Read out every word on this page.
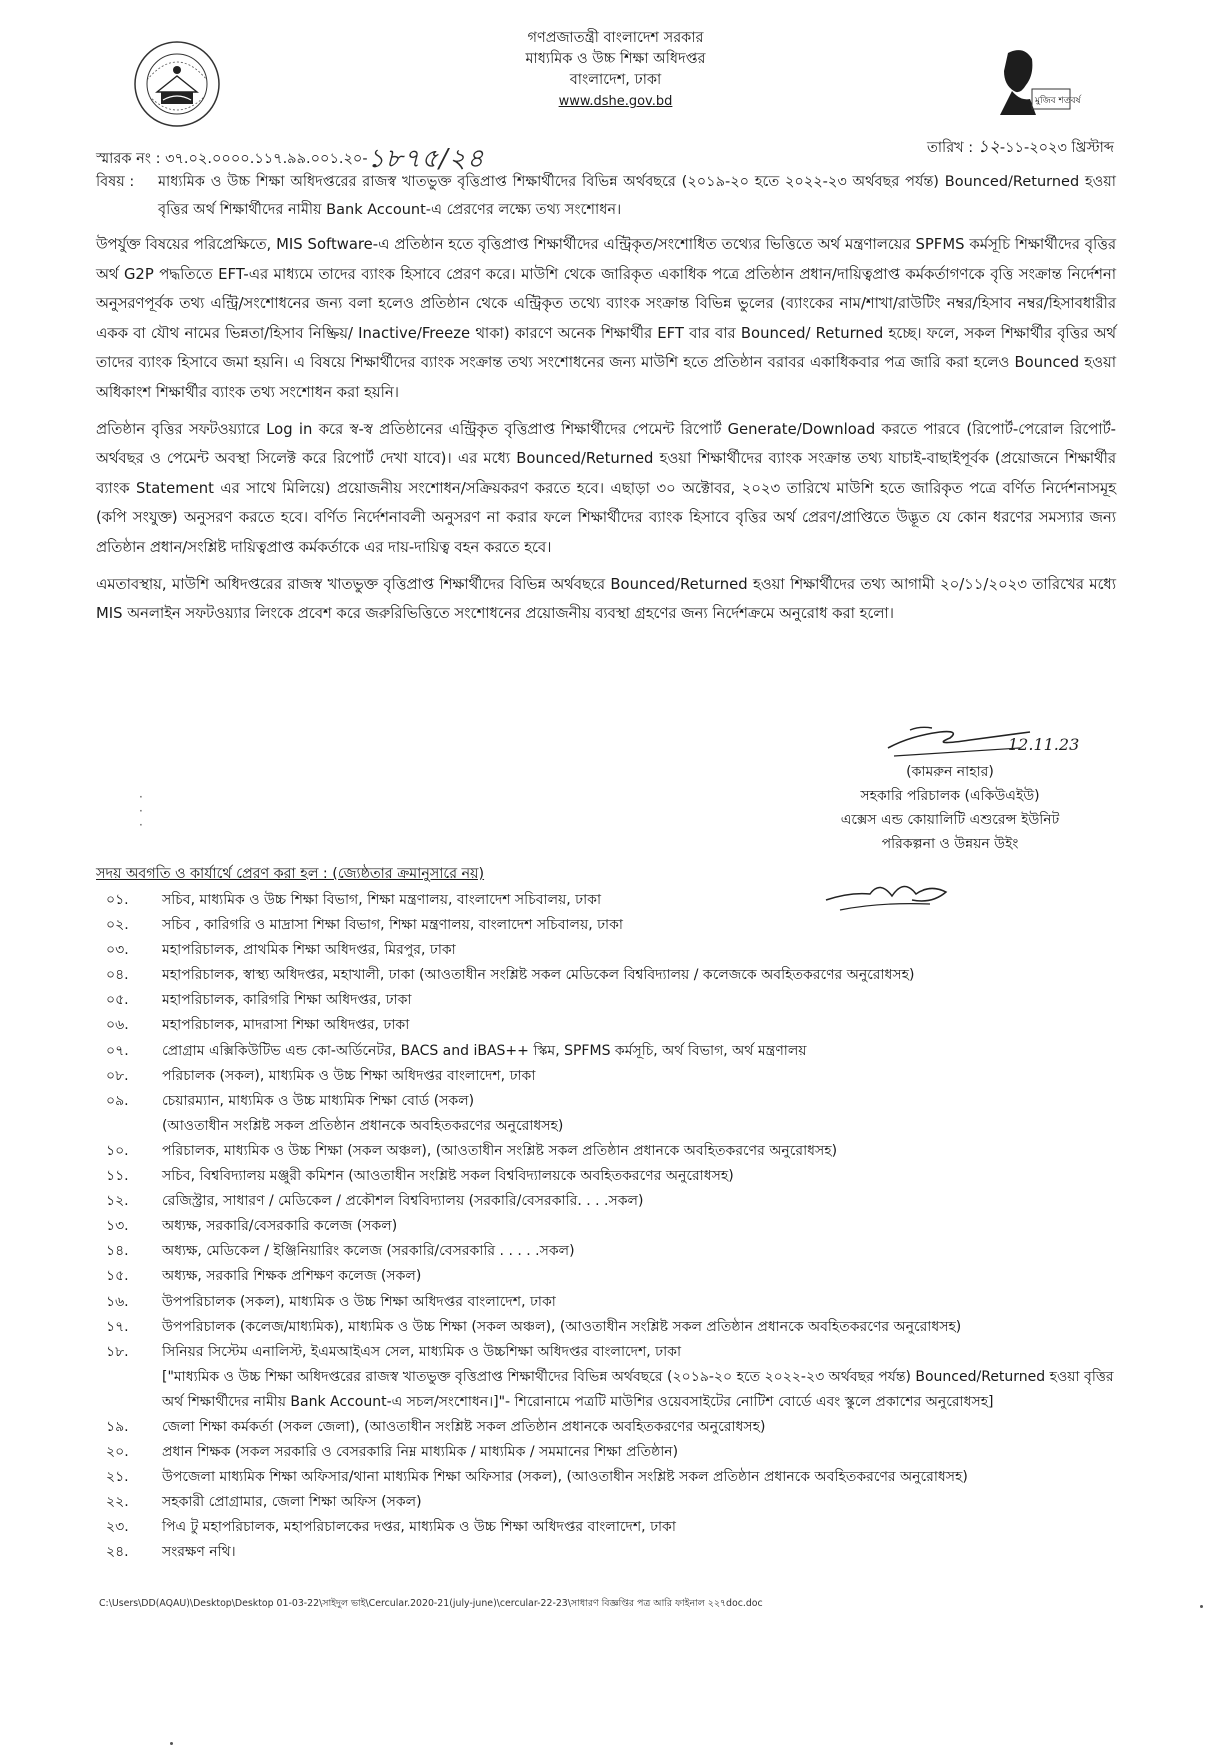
গণপ্রজাতন্ত্রী বাংলাদেশ সরকার
মাধ্যমিক ও উচ্চ শিক্ষা অধিদপ্তর
বাংলাদেশ, ঢাকা
www.dshe.gov.bd	মুজিব শতবর্ষ
স্মারক নং : ৩৭.০২.০০০০.১১৭.৯৯.০০১.২০-১৮৭৫/২৪	তারিখ : ১২-১১-২০২৩ খ্রিস্টাব্দ
বিষয় : মাধ্যমিক ও উচ্চ শিক্ষা অধিদপ্তরের রাজস্ব খাতভুক্ত বৃত্তিপ্রাপ্ত শিক্ষার্থীদের বিভিন্ন অর্থবছরে (২০১৯-২০ হতে ২০২২-২৩ অর্থবছর পর্যন্ত) Bounced/Returned হওয়া বৃত্তির অর্থ শিক্ষার্থীদের নামীয় Bank Account-এ প্রেরণের লক্ষ্যে তথ্য সংশোধন।

উপর্যুক্ত বিষয়ের পরিপ্রেক্ষিতে, MIS Software-এ প্রতিষ্ঠান হতে বৃত্তিপ্রাপ্ত শিক্ষার্থীদের এন্ট্রিকৃত/সংশোধিত তথ্যের ভিত্তিতে অর্থ মন্ত্রণালয়ের SPFMS কর্মসূচি শিক্ষার্থীদের বৃত্তির অর্থ G2P পদ্ধতিতে EFT-এর মাধ্যমে তাদের ব্যাংক হিসাবে প্রেরণ করে। মাউশি থেকে জারিকৃত একাধিক পত্রে প্রতিষ্ঠান প্রধান/দায়িত্বপ্রাপ্ত কর্মকর্তাগণকে বৃত্তি সংক্রান্ত নির্দেশনা অনুসরণপূর্বক তথ্য এন্ট্রি/সংশোধনের জন্য বলা হলেও প্রতিষ্ঠান থেকে এন্ট্রিকৃত তথ্যে ব্যাংক সংক্রান্ত বিভিন্ন ভুলের (ব্যাংকের নাম/শাখা/রাউটিং নম্বর/হিসাব নম্বর/হিসাবধারীর একক বা যৌথ নামের ভিন্নতা/হিসাব নিষ্ক্রিয়/ Inactive/Freeze থাকা) কারণে অনেক শিক্ষার্থীর EFT বার বার Bounced/ Returned হচ্ছে। ফলে, সকল শিক্ষার্থীর বৃত্তির অর্থ তাদের ব্যাংক হিসাবে জমা হয়নি। এ বিষয়ে শিক্ষার্থীদের ব্যাংক সংক্রান্ত তথ্য সংশোধনের জন্য মাউশি হতে প্রতিষ্ঠান বরাবর একাধিকবার পত্র জারি করা হলেও Bounced হওয়া অধিকাংশ শিক্ষার্থীর ব্যাংক তথ্য সংশোধন করা হয়নি।

প্রতিষ্ঠান বৃত্তির সফটওয়্যারে Log in করে স্ব-স্ব প্রতিষ্ঠানের এন্ট্রিকৃত বৃত্তিপ্রাপ্ত শিক্ষার্থীদের পেমেন্ট রিপোর্ট Generate/Download করতে পারবে (রিপোর্ট-পেরোল রিপোর্ট-অর্থবছর ও পেমেন্ট অবস্থা সিলেক্ট করে রিপোর্ট দেখা যাবে)। এর মধ্যে Bounced/Returned হওয়া শিক্ষার্থীদের ব্যাংক সংক্রান্ত তথ্য যাচাই-বাছাইপূর্বক (প্রয়োজনে শিক্ষার্থীর ব্যাংক Statement এর সাথে মিলিয়ে) প্রয়োজনীয় সংশোধন/সক্রিয়করণ করতে হবে। এছাড়া ৩০ অক্টোবর, ২০২৩ তারিখে মাউশি হতে জারিকৃত পত্রে বর্ণিত নির্দেশনাসমূহ (কপি সংযুক্ত) অনুসরণ করতে হবে। বর্ণিত নির্দেশনাবলী অনুসরণ না করার ফলে শিক্ষার্থীদের ব্যাংক হিসাবে বৃত্তির অর্থ প্রেরণ/প্রাপ্তিতে উদ্ভূত যে কোন ধরণের সমস্যার জন্য প্রতিষ্ঠান প্রধান/সংশ্লিষ্ট দায়িত্বপ্রাপ্ত কর্মকর্তাকে এর দায়-দায়িত্ব বহন করতে হবে।

এমতাবস্থায়, মাউশি অধিদপ্তরের রাজস্ব খাতভুক্ত বৃত্তিপ্রাপ্ত শিক্ষার্থীদের বিভিন্ন অর্থবছরে Bounced/Returned হওয়া শিক্ষার্থীদের তথ্য আগামী ২০/১১/২০২৩ তারিখের মধ্যে MIS অনলাইন সফটওয়্যার লিংকে প্রবেশ করে জরুরিভিত্তিতে সংশোধনের প্রয়োজনীয় ব্যবস্থা গ্রহণের জন্য নির্দেশক্রমে অনুরোধ করা হলো।

12.11.23
(কামরুন নাহার)
সহকারি পরিচালক (একিউএইউ)
এক্সেস এন্ড কোয়ালিটি এশুরেন্স ইউনিট
পরিকল্পনা ও উন্নয়ন উইং
·
·
·
সদয় অবগতি ও কার্যার্থে প্রেরণ করা হল : (জ্যেষ্ঠতার ক্রমানুসারে নয়)
০১. সচিব, মাধ্যমিক ও উচ্চ শিক্ষা বিভাগ, শিক্ষা মন্ত্রণালয়, বাংলাদেশ সচিবালয়, ঢাকা
০২. সচিব , কারিগরি ও মাদ্রাসা শিক্ষা বিভাগ, শিক্ষা মন্ত্রণালয়, বাংলাদেশ সচিবালয়, ঢাকা
০৩. মহাপরিচালক, প্রাথমিক শিক্ষা অধিদপ্তর, মিরপুর, ঢাকা
০৪. মহাপরিচালক, স্বাস্থ্য অধিদপ্তর, মহাখালী, ঢাকা (আওতাধীন সংশ্লিষ্ট সকল মেডিকেল বিশ্ববিদ্যালয় / কলেজকে অবহিতকরণের অনুরোধসহ)
০৫. মহাপরিচালক, কারিগরি শিক্ষা অধিদপ্তর, ঢাকা
০৬. মহাপরিচালক, মাদরাসা শিক্ষা অধিদপ্তর, ঢাকা
০৭. প্রোগ্রাম এক্সিকিউটিভ এন্ড কো-অর্ডিনেটর, BACS and iBAS++ স্কিম, SPFMS কর্মসূচি, অর্থ বিভাগ, অর্থ মন্ত্রণালয়
০৮. পরিচালক (সকল), মাধ্যমিক ও উচ্চ শিক্ষা অধিদপ্তর বাংলাদেশ, ঢাকা
০৯. চেয়ারম্যান, মাধ্যমিক ও উচ্চ মাধ্যমিক শিক্ষা বোর্ড (সকল)
(আওতাধীন সংশ্লিষ্ট সকল প্রতিষ্ঠান প্রধানকে অবহিতকরণের অনুরোধসহ)
১০. পরিচালক, মাধ্যমিক ও উচ্চ শিক্ষা (সকল অঞ্চল), (আওতাধীন সংশ্লিষ্ট সকল প্রতিষ্ঠান প্রধানকে অবহিতকরণের অনুরোধসহ)
১১. সচিব, বিশ্ববিদ্যালয় মঞ্জুরী কমিশন (আওতাধীন সংশ্লিষ্ট সকল বিশ্ববিদ্যালয়কে অবহিতকরণের অনুরোধসহ)
১২. রেজিস্ট্রার, সাধারণ / মেডিকেল / প্রকৌশল বিশ্ববিদ্যালয় (সরকারি/বেসরকারি. . . .সকল)
১৩. অধ্যক্ষ, সরকারি/বেসরকারি কলেজ (সকল)
১৪. অধ্যক্ষ, মেডিকেল / ইঞ্জিনিয়ারিং কলেজ (সরকারি/বেসরকারি . . . . .সকল)
১৫. অধ্যক্ষ, সরকারি শিক্ষক প্রশিক্ষণ কলেজ (সকল)
১৬. উপপরিচালক (সকল), মাধ্যমিক ও উচ্চ শিক্ষা অধিদপ্তর বাংলাদেশ, ঢাকা
১৭. উপপরিচালক (কলেজ/মাধ্যমিক), মাধ্যমিক ও উচ্চ শিক্ষা (সকল অঞ্চল), (আওতাধীন সংশ্লিষ্ট সকল প্রতিষ্ঠান প্রধানকে অবহিতকরণের অনুরোধসহ)
১৮. সিনিয়র সিস্টেম এনালিস্ট, ইএমআইএস সেল, মাধ্যমিক ও উচ্চশিক্ষা অধিদপ্তর বাংলাদেশ, ঢাকা
["মাধ্যমিক ও উচ্চ শিক্ষা অধিদপ্তরের রাজস্ব খাতভুক্ত বৃত্তিপ্রাপ্ত শিক্ষার্থীদের বিভিন্ন অর্থবছরে (২০১৯-২০ হতে ২০২২-২৩ অর্থবছর পর্যন্ত) Bounced/Returned হওয়া বৃত্তির অর্থ শিক্ষার্থীদের নামীয় Bank Account-এ সচল/সংশোধন।]"- শিরোনামে পত্রটি মাউশির ওয়েবসাইটের নোটিশ বোর্ডে এবং স্কুলে প্রকাশের অনুরোধসহ]
১৯. জেলা শিক্ষা কর্মকর্তা (সকল জেলা), (আওতাধীন সংশ্লিষ্ট সকল প্রতিষ্ঠান প্রধানকে অবহিতকরণের অনুরোধসহ)
২০. প্রধান শিক্ষক (সকল সরকারি ও বেসরকারি নিম্ন মাধ্যমিক / মাধ্যমিক / সমমানের শিক্ষা প্রতিষ্ঠান)
২১. উপজেলা মাধ্যমিক শিক্ষা অফিসার/থানা মাধ্যমিক শিক্ষা অফিসার (সকল), (আওতাধীন সংশ্লিষ্ট সকল প্রতিষ্ঠান প্রধানকে অবহিতকরণের অনুরোধসহ)
২২. সহকারী প্রোগ্রামার, জেলা শিক্ষা অফিস (সকল)
২৩. পিএ টু মহাপরিচালক, মহাপরিচালকের দপ্তর, মাধ্যমিক ও উচ্চ শিক্ষা অধিদপ্তর বাংলাদেশ, ঢাকা
২৪. সংরক্ষণ নথি।
C:\Users\DD(AQAU)\Desktop\Desktop 01-03-22\সাইদুল ভাই\Cercular.2020-21(july-june)\cercular-22-23\সাধারণ বিজ্ঞপ্তির পত্র আরি ফাইনাল ২২৭doc.doc
